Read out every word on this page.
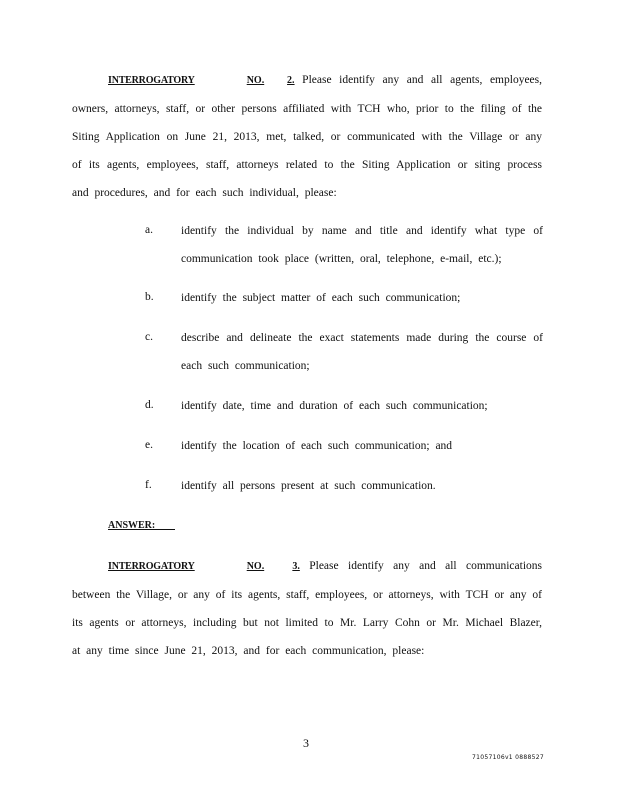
INTERROGATORY	NO. 2. Please identify any and all agents, employees, owners, attorneys, staff, or other persons affiliated with TCH who, prior to the filing of the Siting Application on June 21, 2013, met, talked, or communicated with the Village or any of its agents, employees, staff, attorneys related to the Siting Application or siting process and procedures, and for each such individual, please:
a. identify the individual by name and title and identify what type of communication took place (written, oral, telephone, e-mail, etc.);
b. identify the subject matter of each such communication;
c. describe and delineate the exact statements made during the course of each such communication;
d. identify date, time and duration of each such communication;
e. identify the location of each such communication; and
f.	identify all persons present at such communication.
ANSWER:
INTERROGATORY	NO.	3. Please identify any and all communications between the Village, or any of its agents, staff, employees, or attorneys, with TCH or any of its agents or attorneys, including but not limited to Mr. Larry Cohn or Mr. Michael Blazer, at any time since June 21, 2013, and for each communication, please:
3
71057106v1 0888527
